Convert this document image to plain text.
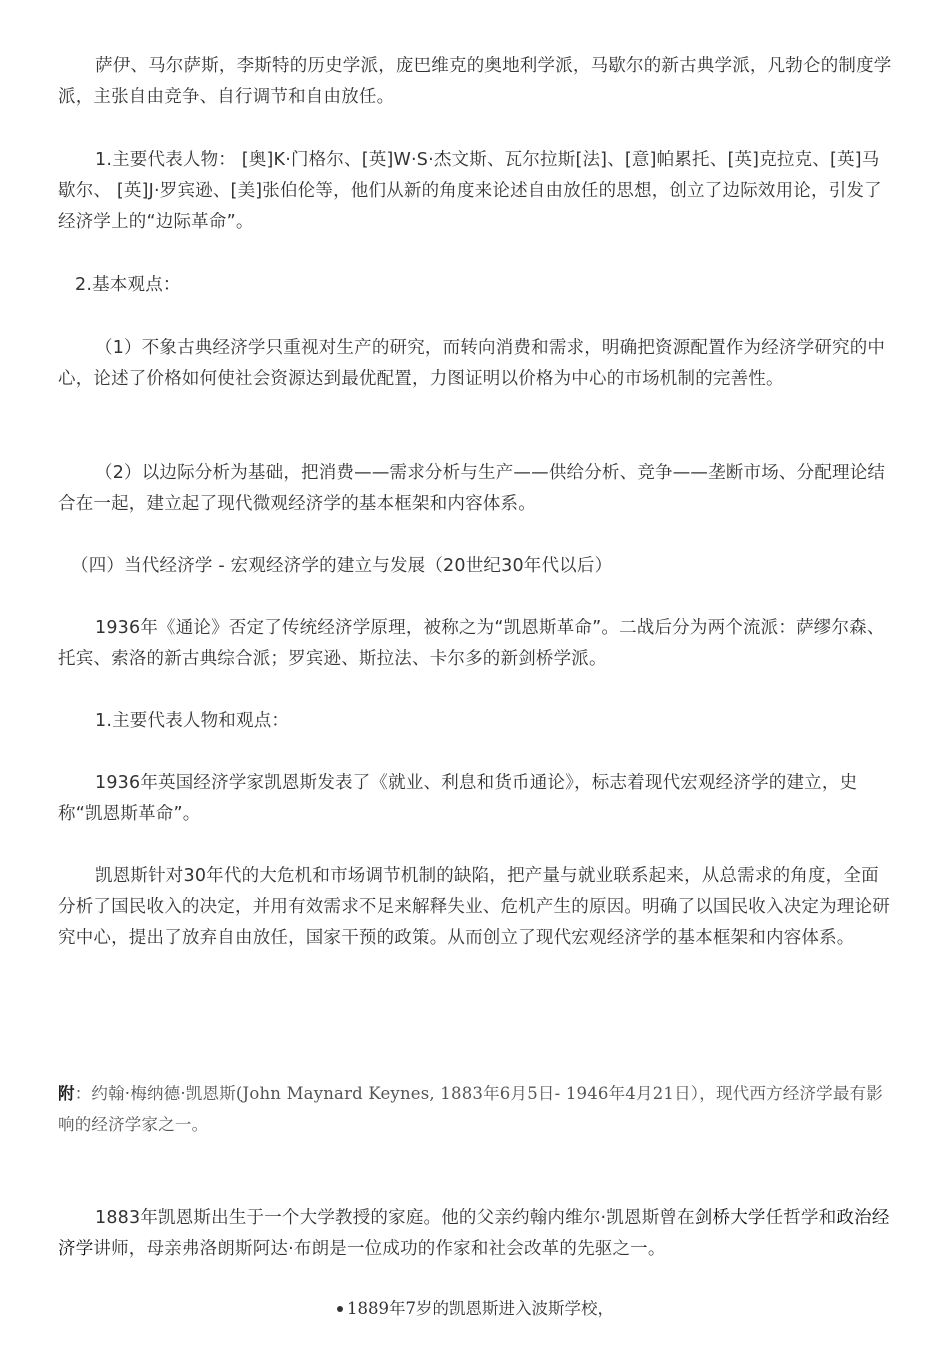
萨伊、马尔萨斯，李斯特的历史学派，庞巴维克的奥地利学派，马歇尔的新古典学派，凡勃仑的制度学派，主张自由竞争、自行调节和自由放任。

1.主要代表人物： [奥]K·门格尔、[英]W·S·杰文斯、瓦尔拉斯[法]、[意]帕累托、[英]克拉克、[英]马歇尔、 [英]J·罗宾逊、[美]张伯伦等，他们从新的角度来论述自由放任的思想，创立了边际效用论，引发了经济学上的“边际革命”。

2.基本观点：

（1）不象古典经济学只重视对生产的研究，而转向消费和需求，明确把资源配置作为经济学研究的中心，论述了价格如何使社会资源达到最优配置，力图证明以价格为中心的市场机制的完善性。

（2）以边际分析为基础，把消费——需求分析与生产——供给分析、竞争——垄断市场、分配理论结合在一起，建立起了现代微观经济学的基本框架和内容体系。

（四）当代经济学 - 宏观经济学的建立与发展（20世纪30年代以后）

1936年《通论》否定了传统经济学原理，被称之为“凯恩斯革命”。二战后分为两个流派：萨缪尔森、托宾、索洛的新古典综合派；罗宾逊、斯拉法、卡尔多的新剑桥学派。

1.主要代表人物和观点：

1936年英国经济学家凯恩斯发表了《就业、利息和货币通论》，标志着现代宏观经济学的建立，史称“凯恩斯革命”。

凯恩斯针对30年代的大危机和市场调节机制的缺陷，把产量与就业联系起来，从总需求的角度，全面分析了国民收入的决定，并用有效需求不足来解释失业、危机产生的原因。明确了以国民收入决定为理论研究中心，提出了放弃自由放任，国家干预的政策。从而创立了现代宏观经济学的基本框架和内容体系。

附：约翰·梅纳德·凯恩斯(John Maynard Keynes, 1883年6月5日- 1946年4月21日），现代西方经济学最有影响的经济学家之一。

1883年凯恩斯出生于一个大学教授的家庭。他的父亲约翰内维尔·凯恩斯曾在剑桥大学任哲学和政治经济学讲师，母亲弗洛朗斯阿达·布朗是一位成功的作家和社会改革的先驱之一。

1889年7岁的凯恩斯进入波斯学校，
